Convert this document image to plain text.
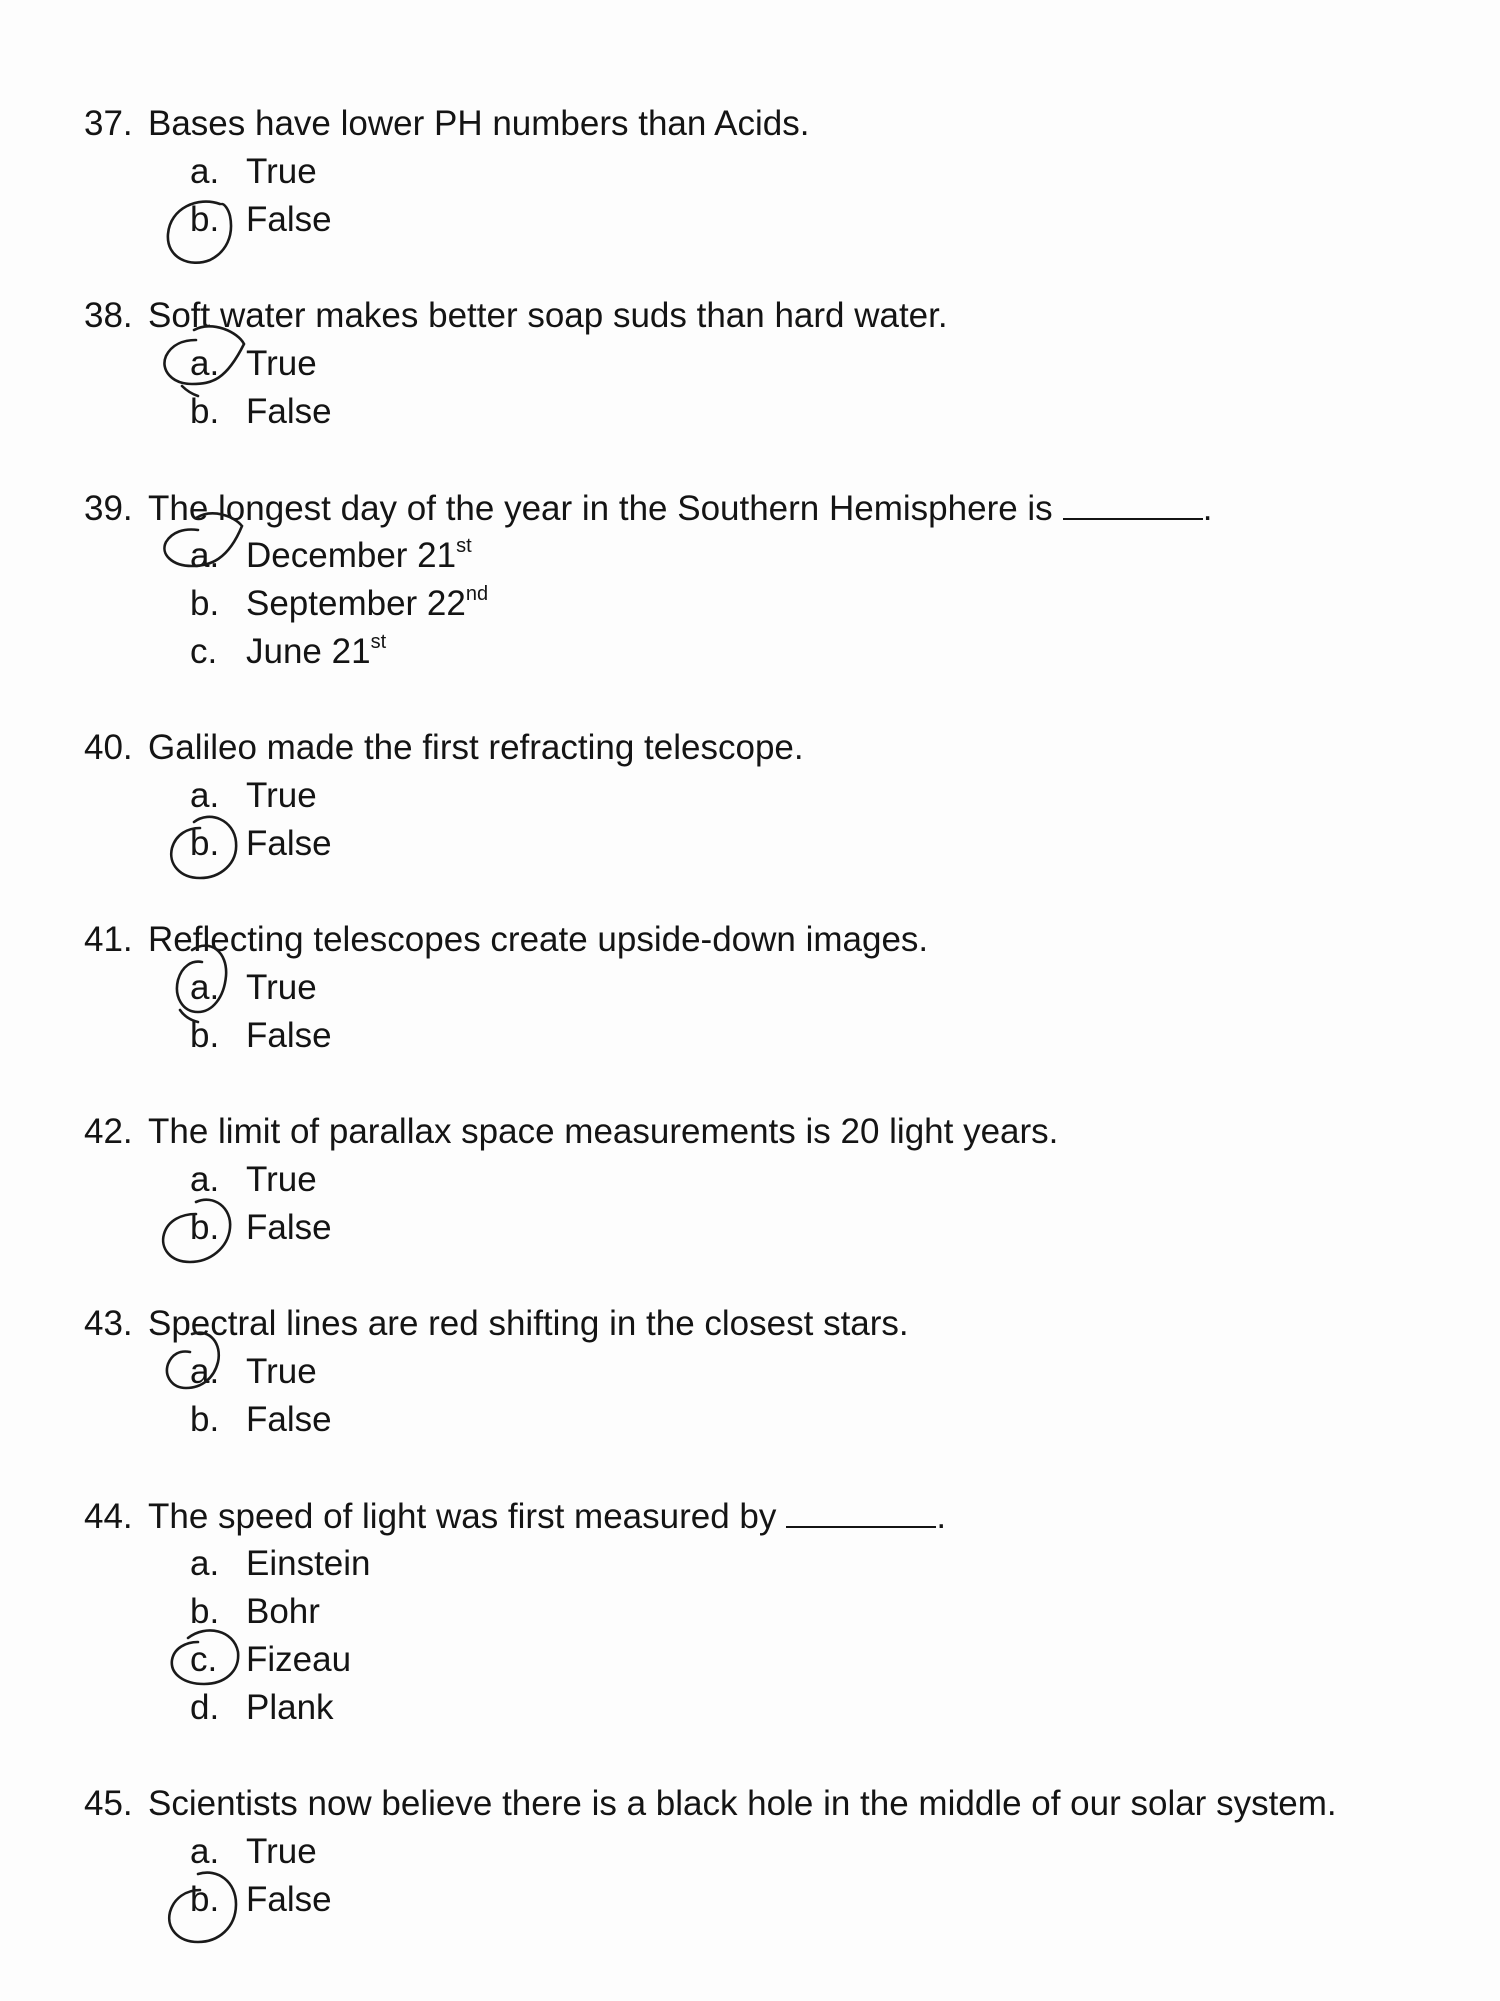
37. Bases have lower PH numbers than Acids.
a. True
b. False
38. Soft water makes better soap suds than hard water.
a. True
b. False
39. The longest day of the year in the Southern Hemisphere is	.
a. December 21st
b. September 22nd
c. June 21st
40. Galileo made the first refracting telescope.
a. True
b. False
41. Reflecting telescopes create upside-down images.
a. True
b. False
42. The limit of parallax space measurements is 20 light years.
a. True
b. False
43. Spectral lines are red shifting in the closest stars.
a. True
b. False
44. The speed of light was first measured by	.
a. Einstein
b. Bohr
c. Fizeau
d. Plank
45. Scientists now believe there is a black hole in the middle of our solar system.
a. True
b. False
